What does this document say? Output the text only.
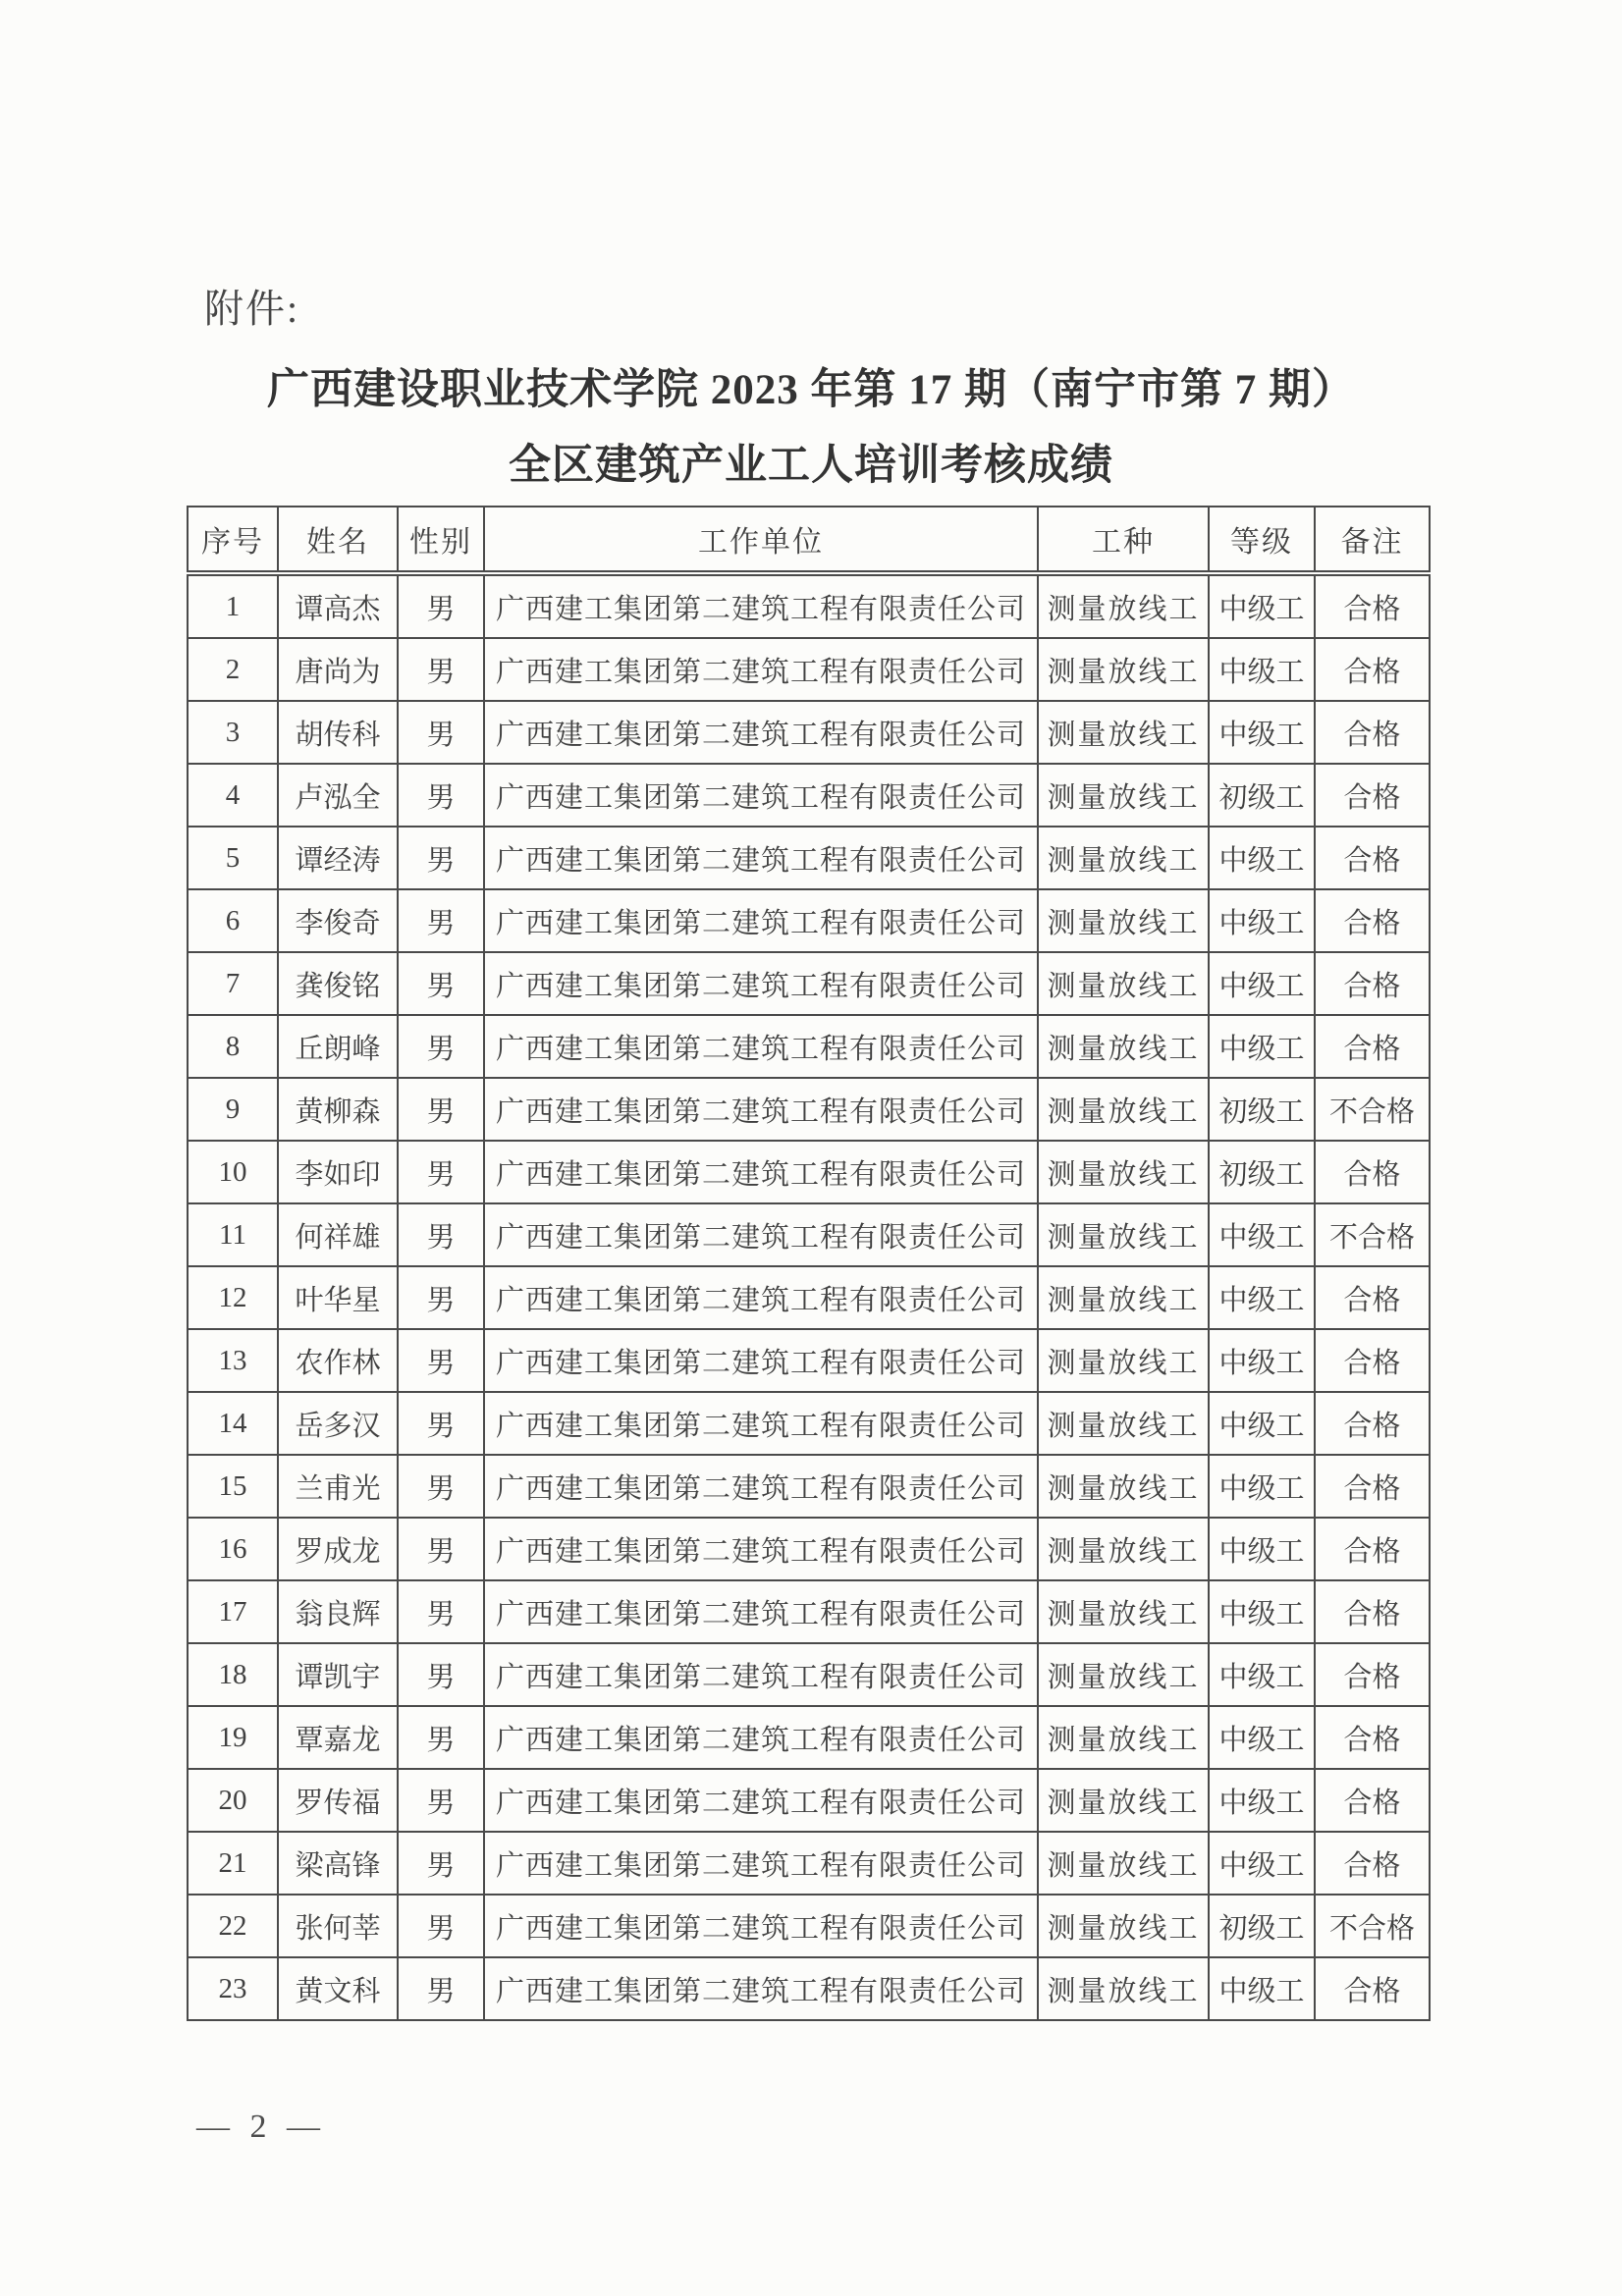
附件:
广西建设职业技术学院 2023 年第 17 期（南宁市第 7 期）
全区建筑产业工人培训考核成绩
序号	姓名	性别	工作单位	工种	等级	备注
1	谭高杰	男	广西建工集团第二建筑工程有限责任公司	测量放线工	中级工	合格
2	唐尚为	男	广西建工集团第二建筑工程有限责任公司	测量放线工	中级工	合格
3	胡传科	男	广西建工集团第二建筑工程有限责任公司	测量放线工	中级工	合格
4	卢泓全	男	广西建工集团第二建筑工程有限责任公司	测量放线工	初级工	合格
5	谭经涛	男	广西建工集团第二建筑工程有限责任公司	测量放线工	中级工	合格
6	李俊奇	男	广西建工集团第二建筑工程有限责任公司	测量放线工	中级工	合格
7	龚俊铭	男	广西建工集团第二建筑工程有限责任公司	测量放线工	中级工	合格
8	丘朗峰	男	广西建工集团第二建筑工程有限责任公司	测量放线工	中级工	合格
9	黄柳森	男	广西建工集团第二建筑工程有限责任公司	测量放线工	初级工	不合格
10	李如印	男	广西建工集团第二建筑工程有限责任公司	测量放线工	初级工	合格
11	何祥雄	男	广西建工集团第二建筑工程有限责任公司	测量放线工	中级工	不合格
12	叶华星	男	广西建工集团第二建筑工程有限责任公司	测量放线工	中级工	合格
13	农作林	男	广西建工集团第二建筑工程有限责任公司	测量放线工	中级工	合格
14	岳多汉	男	广西建工集团第二建筑工程有限责任公司	测量放线工	中级工	合格
15	兰甫光	男	广西建工集团第二建筑工程有限责任公司	测量放线工	中级工	合格
16	罗成龙	男	广西建工集团第二建筑工程有限责任公司	测量放线工	中级工	合格
17	翁良辉	男	广西建工集团第二建筑工程有限责任公司	测量放线工	中级工	合格
18	谭凯宇	男	广西建工集团第二建筑工程有限责任公司	测量放线工	中级工	合格
19	覃嘉龙	男	广西建工集团第二建筑工程有限责任公司	测量放线工	中级工	合格
20	罗传福	男	广西建工集团第二建筑工程有限责任公司	测量放线工	中级工	合格
21	梁高锋	男	广西建工集团第二建筑工程有限责任公司	测量放线工	中级工	合格
22	张何莘	男	广西建工集团第二建筑工程有限责任公司	测量放线工	初级工	不合格
23	黄文科	男	广西建工集团第二建筑工程有限责任公司	测量放线工	中级工	合格
— 2 —
